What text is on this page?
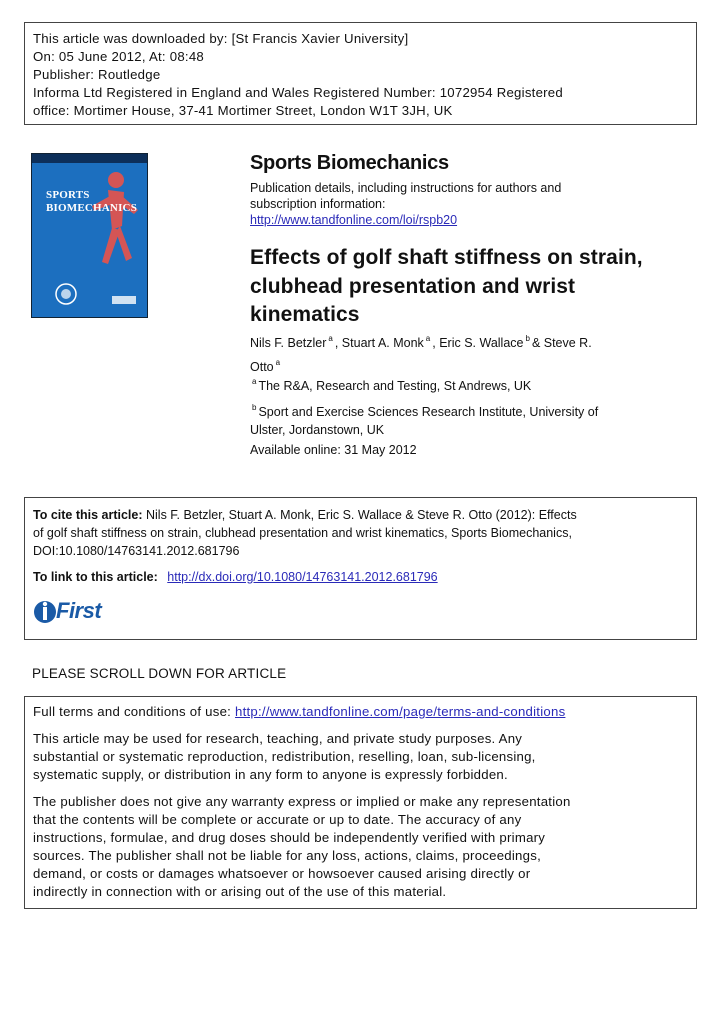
This article was downloaded by: [St Francis Xavier University]

On: 05 June 2012, At: 08:48

Publisher: Routledge

Informa Ltd Registered in England and Wales Registered Number: 1072954 Registered

office: Mortimer House, 37-41 Mortimer Street, London W1T 3JH, UK

SPORTS
BIOMECHANICS
Sports Biomechanics
Publication details, including instructions for authors and
subscription information:
http://www.tandfonline.com/loi/rspb20
Effects of golf shaft stiffness on strain,
clubhead presentation and wrist
kinematics
Nils F. Betzler $^a$ , Stuart A. Monk $^a$ , Eric S. Wallace $^b$ & Steve R.
Otto $^a$
$^a$ The R&A, Research and Testing, St Andrews, UK
$^b$ Sport and Exercise Sciences Research Institute, University of
Ulster, Jordanstown, UK
Available online: 31 May 2012
To cite this article: Nils F. Betzler, Stuart A. Monk, Eric S. Wallace & Steve R. Otto (2012): Effects
of golf shaft stiffness on strain, clubhead presentation and wrist kinematics, Sports Biomechanics,
DOI:10.1080/14763141.2012.681796
To link to this article: http://dx.doi.org/10.1080/14763141.2012.681796
First
PLEASE SCROLL DOWN FOR ARTICLE
Full terms and conditions of use: http://www.tandfonline.com/page/terms-and-conditions
This article may be used for research, teaching, and private study purposes. Any
substantial or systematic reproduction, redistribution, reselling, loan, sub-licensing,
systematic supply, or distribution in any form to anyone is expressly forbidden.
The publisher does not give any warranty express or implied or make any representation
that the contents will be complete or accurate or up to date. The accuracy of any
instructions, formulae, and drug doses should be independently verified with primary
sources. The publisher shall not be liable for any loss, actions, claims, proceedings,
demand, or costs or damages whatsoever or howsoever caused arising directly or
indirectly in connection with or arising out of the use of this material.
